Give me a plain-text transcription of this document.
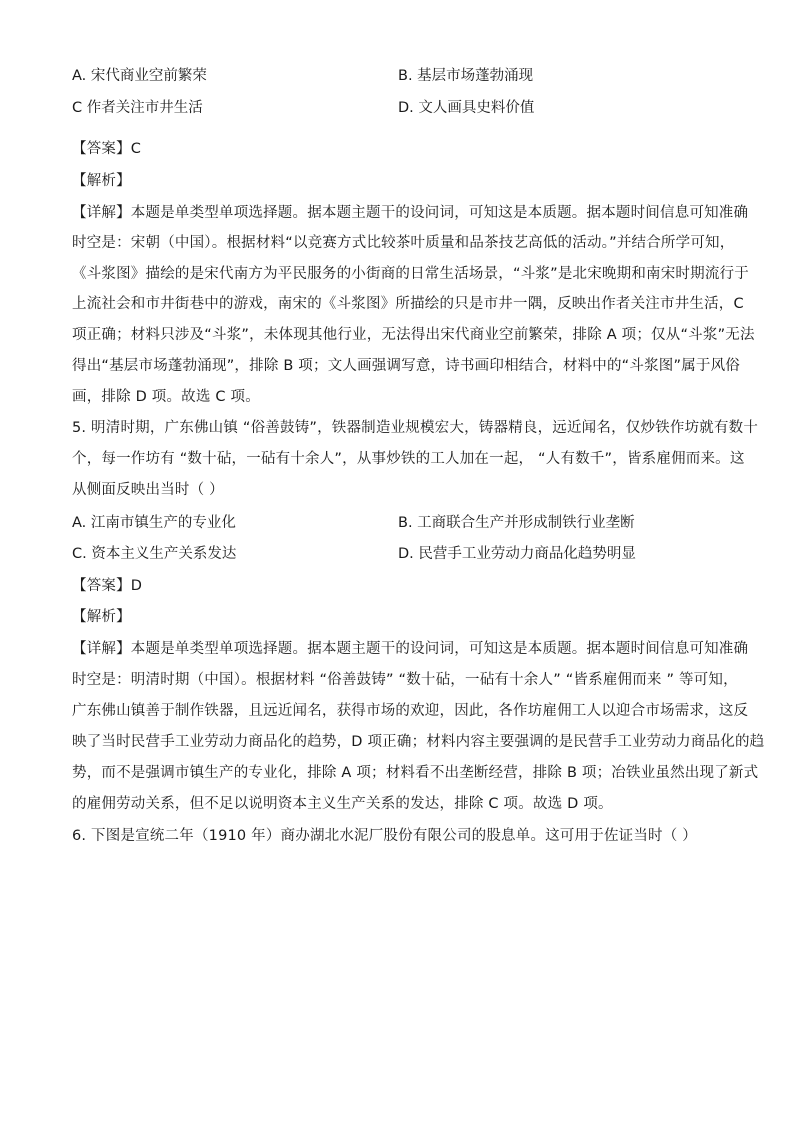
A. 宋代商业空前繁荣	B. 基层市场蓬勃涌现
C 作者关注市井生活	D. 文人画具史料价值
【答案】C
【解析】
【详解】本题是单类型单项选择题。据本题主题干的设问词，可知这是本质题。据本题时间信息可知准确
时空是：宋朝（中国）。根据材料“以竞赛方式比较茶叶质量和品茶技艺高低的活动。”并结合所学可知，
《斗浆图》描绘的是宋代南方为平民服务的小街商的日常生活场景，“斗浆”是北宋晚期和南宋时期流行于
上流社会和市井街巷中的游戏，南宋的《斗浆图》所描绘的只是市井一隅，反映出作者关注市井生活，C
项正确；材料只涉及“斗浆”，未体现其他行业，无法得出宋代商业空前繁荣，排除 A 项；仅从“斗浆”无法
得出“基层市场蓬勃涌现”，排除 B 项；文人画强调写意，诗书画印相结合，材料中的“斗浆图”属于风俗
画，排除 D 项。故选 C 项。
5. 明清时期，广东佛山镇 “俗善鼓铸”，铁器制造业规模宏大，铸器精良，远近闻名，仅炒铁作坊就有数十
个，每一作坊有 “数十砧，一砧有十余人”，从事炒铁的工人加在一起， “人有数千”，皆系雇佣而来。这
从侧面反映出当时（ ）
A. 江南市镇生产的专业化	B. 工商联合生产并形成制铁行业垄断
C. 资本主义生产关系发达	D. 民营手工业劳动力商品化趋势明显
【答案】D
【解析】
【详解】本题是单类型单项选择题。据本题主题干的设问词，可知这是本质题。据本题时间信息可知准确
时空是：明清时期（中国）。根据材料 “俗善鼓铸” “数十砧，一砧有十余人” “皆系雇佣而来 ” 等可知，
广东佛山镇善于制作铁器，且远近闻名，获得市场的欢迎，因此，各作坊雇佣工人以迎合市场需求，这反
映了当时民营手工业劳动力商品化的趋势，D 项正确；材料内容主要强调的是民营手工业劳动力商品化的趋
势，而不是强调市镇生产的专业化，排除 A 项；材料看不出垄断经营，排除 B 项；冶铁业虽然出现了新式
的雇佣劳动关系，但不足以说明资本主义生产关系的发达，排除 C 项。故选 D 项。
6. 下图是宣统二年（1910 年）商办湖北水泥厂股份有限公司的股息单。这可用于佐证当时（ ）
